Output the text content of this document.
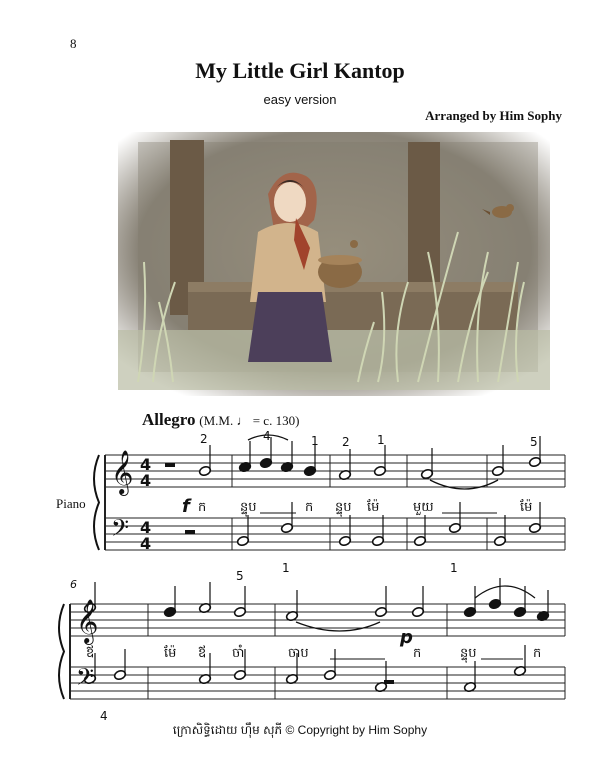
8
My Little Girl Kantop
easy version
Arranged by Him Sophy
Allegro (M.M. ♩ = c. 130)
Piano
𝄞
𝄢
4
4
4
4
𝄞
𝄢
2	4	1 2 1	5
5
1	1
4
f
p
ក	ន្ទុប	ក ន្ទុប ម៉ែ	មួយ	ម៉ែ
ឪ	ម៉ែ ឪ ចាំ	ចាប	ក	ន្ទុប	ក
6
ក្រោសិទ្ធិដោយ ហ៊ឹម សុភី © Copyright by Him Sophy
